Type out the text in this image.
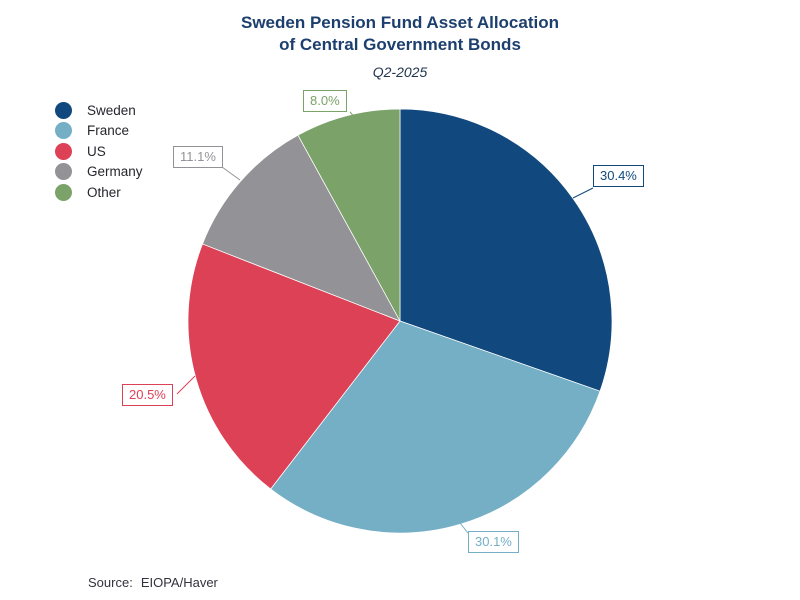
Sweden Pension Fund Asset Allocation
of Central Government Bonds
Q2-2025
Sweden
France
US
Germany
Other
30.4%
30.1%
20.5%
11.1%
8.0%
Source: EIOPA/Haver
